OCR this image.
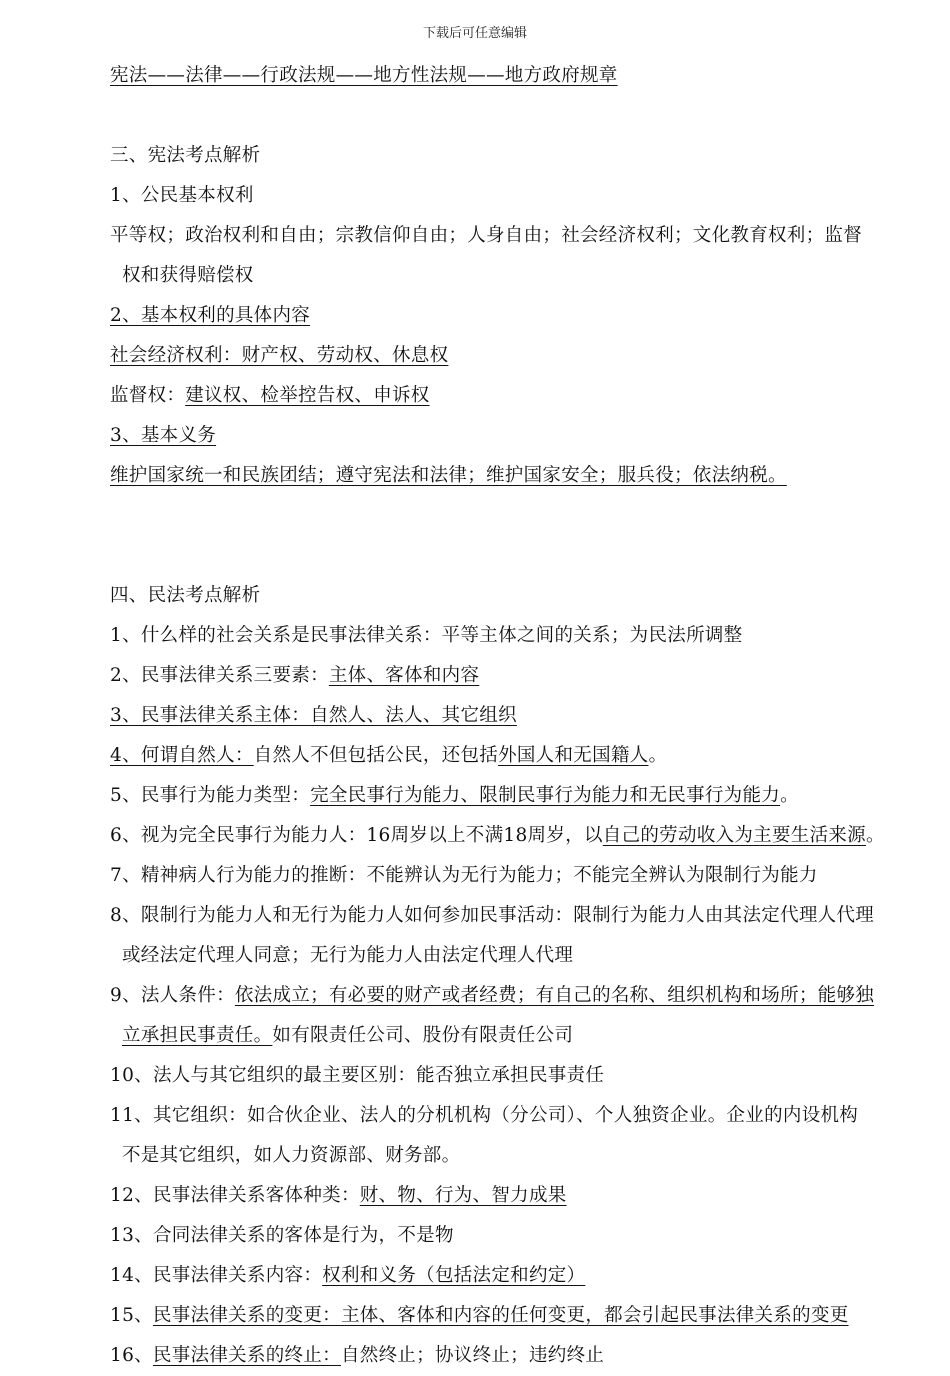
下载后可任意编辑
宪法——法律——行政法规——地方性法规——地方政府规章
三、宪法考点解析
1、公民基本权利
平等权；政治权利和自由；宗教信仰自由；人身自由；社会经济权利；文化教育权利；监督
权和获得赔偿权
2、基本权利的具体内容
社会经济权利：财产权、劳动权、休息权
监督权：建议权、检举控告权、申诉权
3、基本义务
维护国家统一和民族团结；遵守宪法和法律；维护国家安全；服兵役；依法纳税。
四、民法考点解析
1、什么样的社会关系是民事法律关系：平等主体之间的关系；为民法所调整
2、民事法律关系三要素：主体、客体和内容
3、民事法律关系主体：自然人、法人、其它组织
4、何谓自然人：自然人不但包括公民，还包括外国人和无国籍人。
5、民事行为能力类型：完全民事行为能力、限制民事行为能力和无民事行为能力。
6、视为完全民事行为能力人：16周岁以上不满18周岁，以自己的劳动收入为主要生活来源。
7、精神病人行为能力的推断：不能辨认为无行为能力；不能完全辨认为限制行为能力
8、限制行为能力人和无行为能力人如何参加民事活动：限制行为能力人由其法定代理人代理
或经法定代理人同意；无行为能力人由法定代理人代理
9、法人条件：依法成立；有必要的财产或者经费；有自己的名称、组织机构和场所；能够独
立承担民事责任。如有限责任公司、股份有限责任公司
10、法人与其它组织的最主要区别：能否独立承担民事责任
11、其它组织：如合伙企业、法人的分机机构（分公司）、个人独资企业。企业的内设机构
不是其它组织，如人力资源部、财务部。
12、民事法律关系客体种类：财、物、行为、智力成果
13、合同法律关系的客体是行为，不是物
14、民事法律关系内容：权利和义务（包括法定和约定）
15、民事法律关系的变更：主体、客体和内容的任何变更，都会引起民事法律关系的变更
16、民事法律关系的终止：自然终止；协议终止；违约终止
